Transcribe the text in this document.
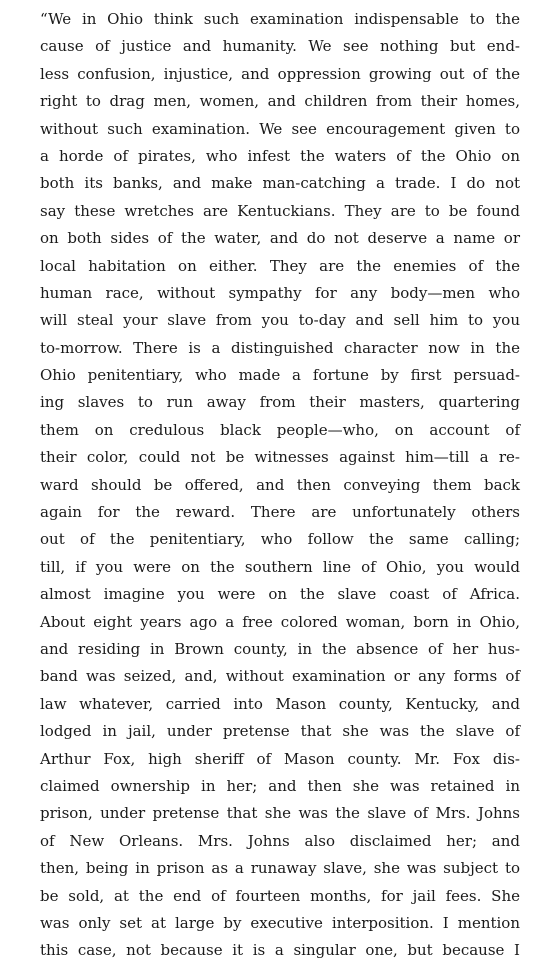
“We in Ohio think such examination indispensable to the
cause of justice and humanity. We see nothing but end-
less confusion, injustice, and oppression growing out of the
right to drag men, women, and children from their homes,
without such examination. We see encouragement given to
a horde of pirates, who infest the waters of the Ohio on
both its banks, and make man-catching a trade. I do not
say these wretches are Kentuckians. They are to be found
on both sides of the water, and do not deserve a name or
local habitation on either. They are the enemies of the
human race, without sympathy for any body—men who
will steal your slave from you to-day and sell him to you
to-morrow. There is a distinguished character now in the
Ohio penitentiary, who made a fortune by first persuad-
ing slaves to run away from their masters, quartering
them on credulous black people—who, on account of
their color, could not be witnesses against him—till a re-
ward should be offered, and then conveying them back
again for the reward. There are unfortunately others
out of the penitentiary, who follow the same calling;
till, if you were on the southern line of Ohio, you would
almost imagine you were on the slave coast of Africa.
About eight years ago a free colored woman, born in Ohio,
and residing in Brown county, in the absence of her hus-
band was seized, and, without examination or any forms of
law whatever, carried into Mason county, Kentucky, and
lodged in jail, under pretense that she was the slave of
Arthur Fox, high sheriff of Mason county. Mr. Fox dis-
claimed ownership in her; and then she was retained in
prison, under pretense that she was the slave of Mrs. Johns
of New Orleans. Mrs. Johns also disclaimed her; and
then, being in prison as a runaway slave, she was subject to
be sold, at the end of fourteen months, for jail fees. She
was only set at large by executive interposition. I mention
this case, not because it is a singular one, but because I
